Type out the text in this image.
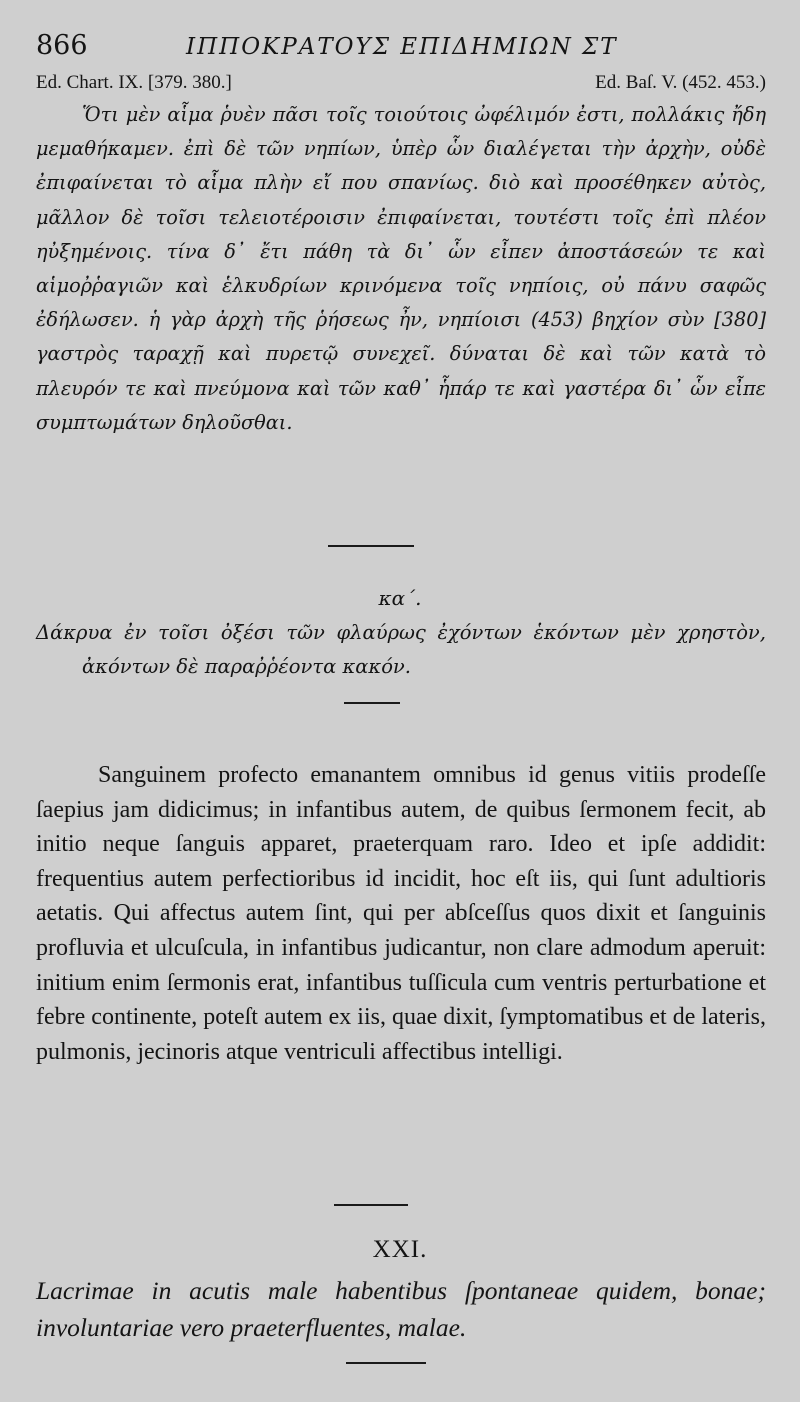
866	ΙΠΠΟΚΡΑΤΟΥΣ ΕΠΙΔΗΜΙΩΝ ΣΤ
Ed. Chart. IX. [379. 380.]	Ed. Baſ. V. (452. 453.)

Ὅτι μὲν αἷμα ῥυὲν πᾶσι τοῖς τοιούτοις ὠφέλιμόν ἐστι, πολλάκις ἤδη μεμαθήκαμεν. ἐπὶ δὲ τῶν νηπίων, ὑπὲρ ὧν διαλέγεται τὴν ἀρχὴν, οὐδὲ ἐπιφαίνεται τὸ αἷμα πλὴν εἴ που σπανίως. διὸ καὶ προσέθηκεν αὐτὸς, μᾶλλον δὲ τοῖσι τελειοτέροισιν ἐπιφαίνεται, τουτέστι τοῖς ἐπὶ πλέον ηὐξημένοις. τίνα δ᾽ ἔτι πάθη τὰ δι᾽ ὧν εἶπεν ἀποστάσεών τε καὶ αἱμοῤῥαγιῶν καὶ ἑλκυδρίων κρινόμενα τοῖς νηπίοις, οὐ πάνυ σαφῶς ἐδήλωσεν. ἡ γὰρ ἀρχὴ τῆς ῥήσεως ἦν, νηπίοισι (453) βηχίον σὺν [380] γαστρὸς ταραχῇ καὶ πυρετῷ συνεχεῖ. δύναται δὲ καὶ τῶν κατὰ τὸ πλευρόν τε καὶ πνεύμονα καὶ τῶν καθ᾽ ἧπάρ τε καὶ γαστέρα δι᾽ ὧν εἶπε συμπτωμάτων δηλοῦσθαι.

κα΄.

Δάκρυα ἐν τοῖσι ὀξέσι τῶν φλαύρως ἐχόντων ἑκόντων μὲν χρηστὸν, ἀκόντων δὲ παραῤῥέοντα κακόν.

Sanguinem profecto emanantem omnibus id genus vitiis prodeſſe ſaepius jam didicimus; in infantibus autem, de quibus ſermonem fecit, ab initio neque ſanguis apparet, praeterquam raro. Ideo et ipſe addidit: frequentius autem perfectioribus id incidit, hoc eſt iis, qui ſunt adultioris aetatis. Qui affectus autem ſint, qui per abſceſſus quos dixit et ſanguinis profluvia et ulcuſcula, in infantibus judicantur, non clare admodum aperuit: initium enim ſermonis erat, infantibus tuſſicula cum ventris perturbatione et febre continente, poteſt autem ex iis, quae dixit, ſymptomatibus et de lateris, pulmonis, jecinoris atque ventriculi affectibus intelligi.

XXI.

Lacrimae in acutis male habentibus ſpontaneae quidem, bonae; involuntariae vero praeterfluentes, malae.
